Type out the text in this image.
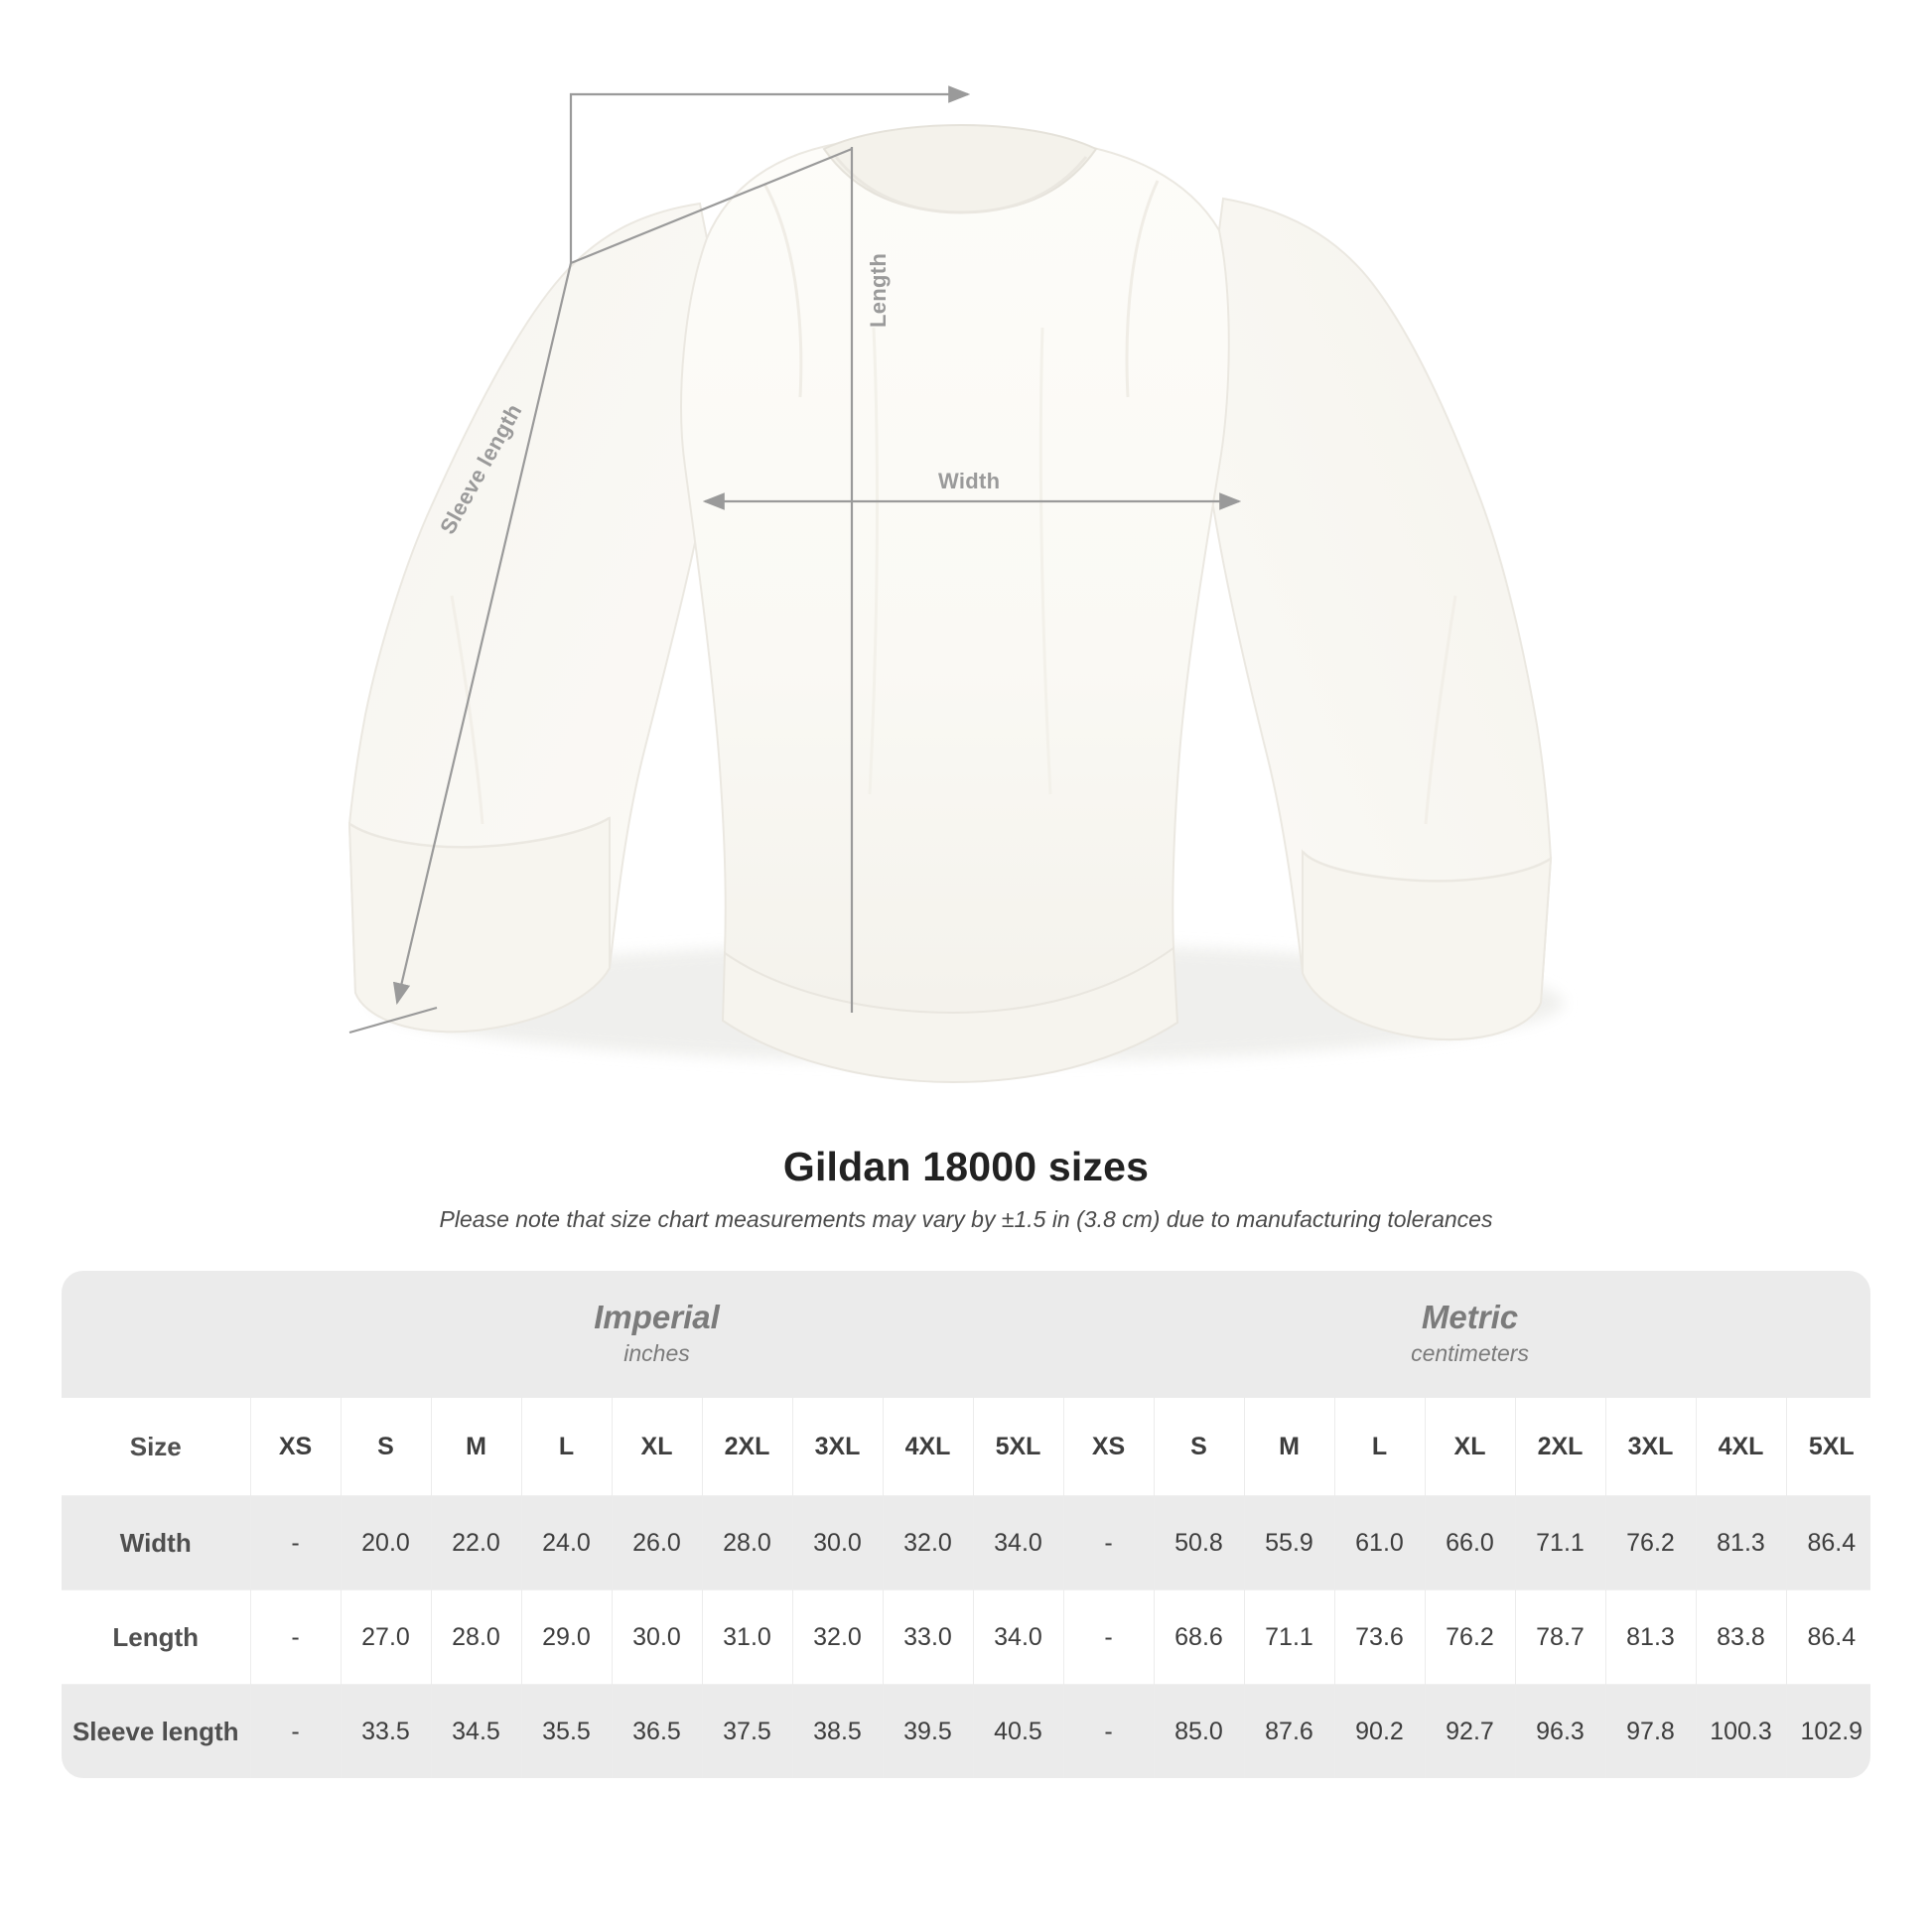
Width
Length
Sleeve length
Gildan 18000 sizes

Please note that size chart measurements may vary by ±1.5 in (3.8 cm) due to manufacturing tolerances

Imperial
inches

Metric
centimeters

Size	XS	S	M	L	XL	2XL	3XL	4XL	5XL	XS	S	M	L	XL	2XL	3XL	4XL	5XL
Width	-	20.0	22.0	24.0	26.0	28.0	30.0	32.0	34.0	-	50.8	55.9	61.0	66.0	71.1	76.2	81.3	86.4
Length	-	27.0	28.0	29.0	30.0	31.0	32.0	33.0	34.0	-	68.6	71.1	73.6	76.2	78.7	81.3	83.8	86.4
Sleeve length	-	33.5	34.5	35.5	36.5	37.5	38.5	39.5	40.5	-	85.0	87.6	90.2	92.7	96.3	97.8	100.3	102.9
